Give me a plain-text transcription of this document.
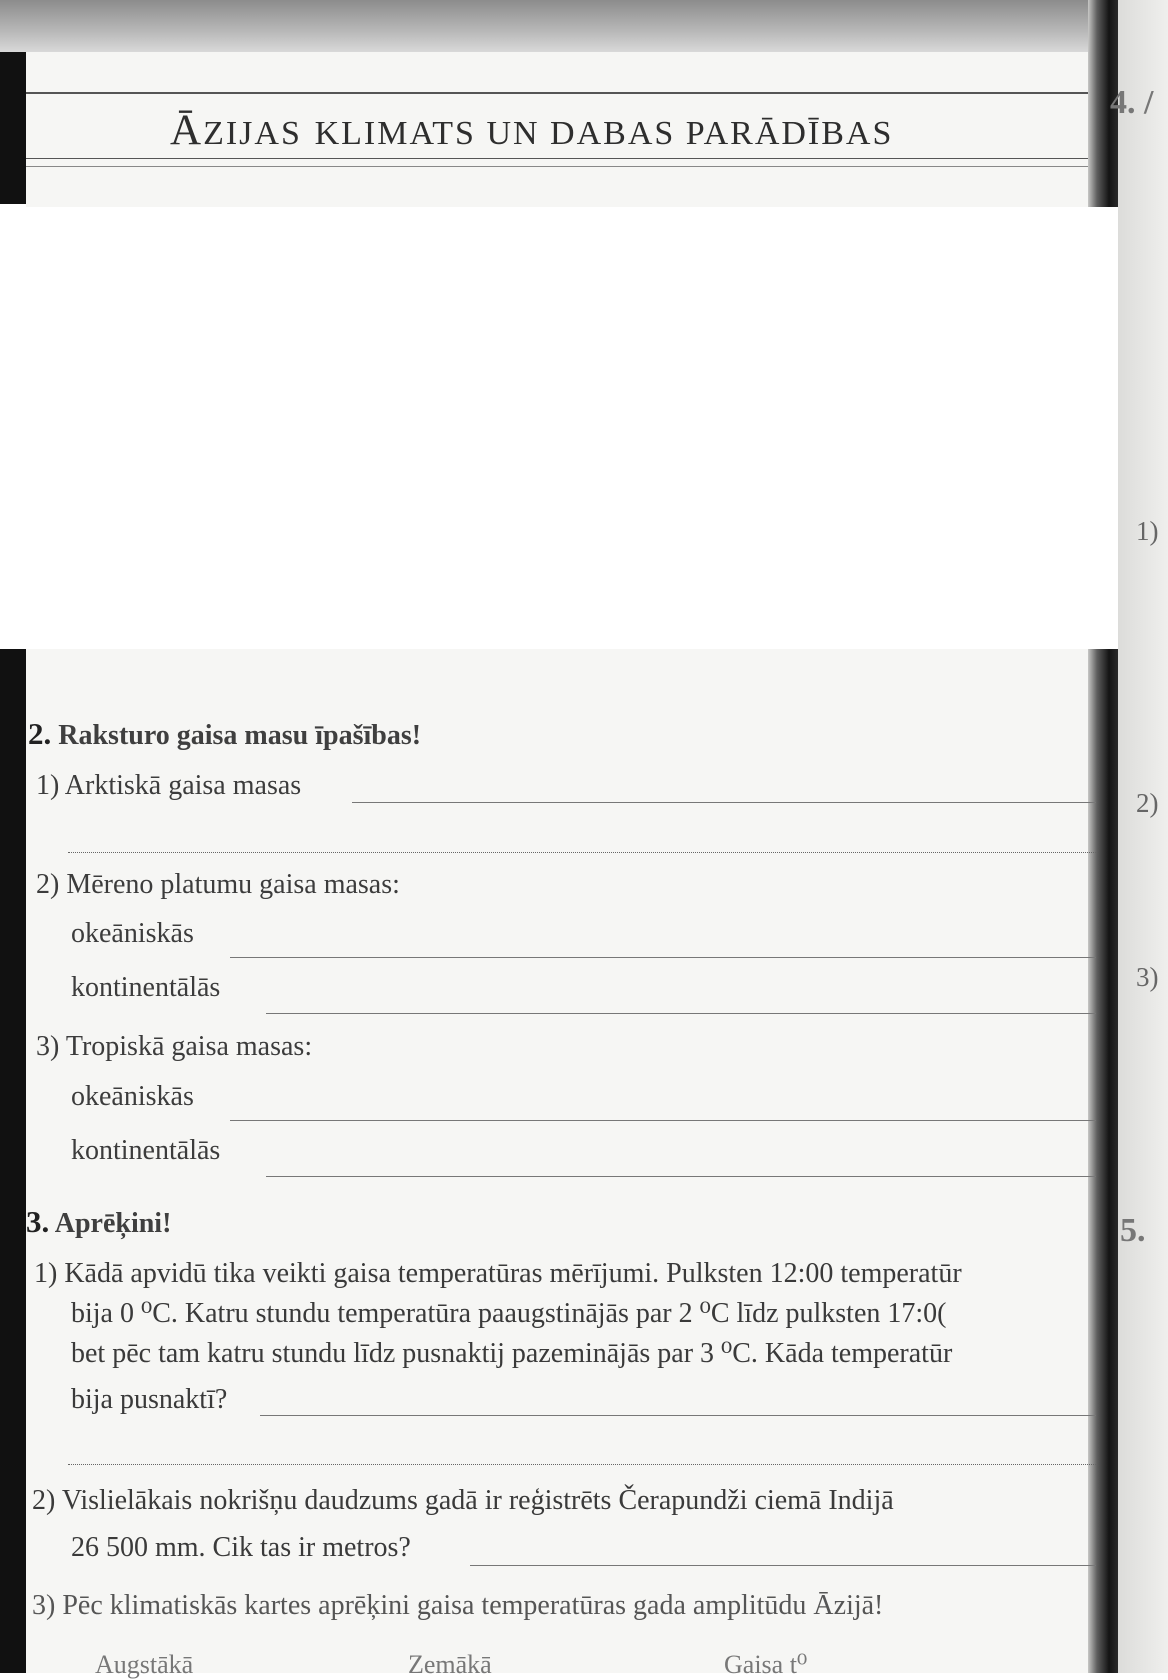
ĀZIJAS KLIMATS UN DABAS PARĀDĪBAS
2. Raksturo gaisa masu īpašības!
1) Arktiskā gaisa masas
2) Mēreno platumu gaisa masas:
okeāniskās
kontinentālās
3) Tropiskā gaisa masas:
okeāniskās
kontinentālās
3. Aprēķini!
1) Kādā apvidū tika veikti gaisa temperatūras mērījumi. Pulksten 12:00 temperatūr
bija 0 ⁰C. Katru stundu temperatūra paaugstinājās par 2 ⁰C līdz pulksten 17:0(
bet pēc tam katru stundu līdz pusnaktij pazeminājās par 3 ⁰C. Kāda temperatūr
bija pusnaktī?
2) Vislielākais nokrišņu daudzums gadā ir reģistrēts Čerapundži ciemā Indijā
26 500 mm. Cik tas ir metros?
3) Pēc klimatiskās kartes aprēķini gaisa temperatūras gada amplitūdu Āzijā!
Augstākā	Zemākā	Gaisa t⁰
4. /
1)
2)
3)
5.
